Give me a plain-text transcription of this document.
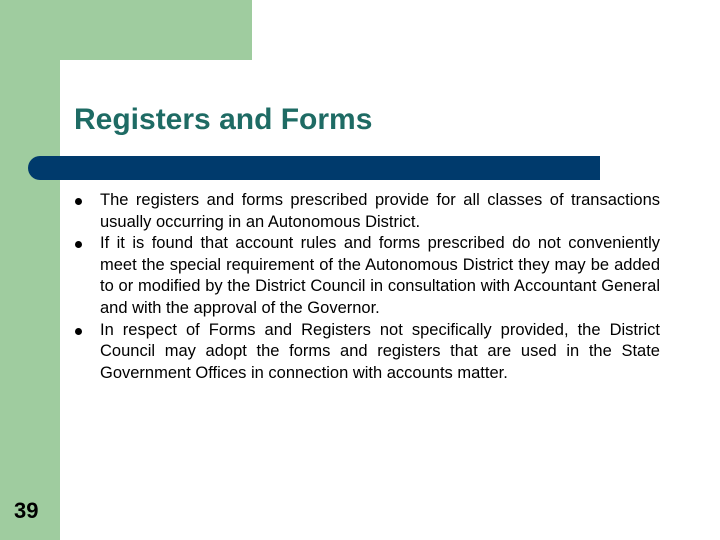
Registers and Forms
The registers and forms prescribed provide for all classes of transactions usually occurring in an Autonomous District.
If it is found that account rules and forms prescribed do not conveniently meet the special requirement of the Autonomous District they may be added to or modified by the District Council in consultation with Accountant General and with the approval of the Governor.
In respect of Forms and Registers not specifically provided, the District Council may adopt the forms and registers that are used in the State Government Offices in connection with accounts matter.
39
